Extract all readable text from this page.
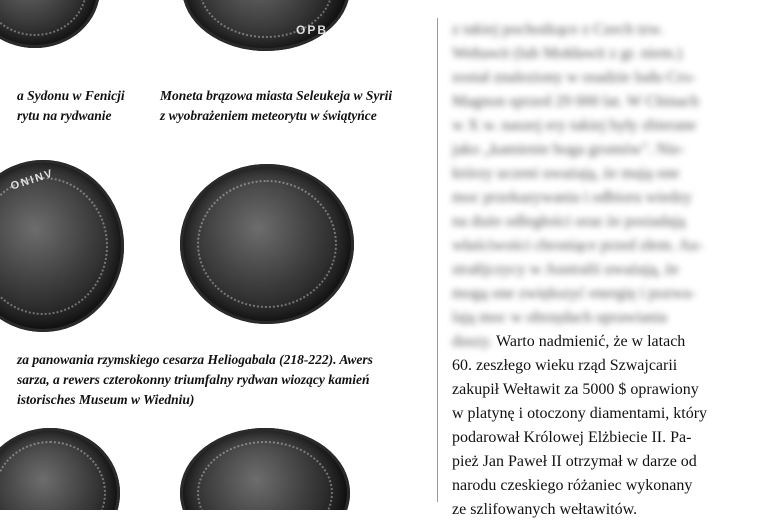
ΟΡΒ
a Sydonu w Fenicji
rytu na rydwanie
Moneta brązowa miasta Seleukeja w Syrii
z wyobrażeniem meteorytu w świątyńce
ONINV
za panowania rzymskiego cesarza Heliogabala (218-222). Awers
sarza, a rewers czterokonny triumfalny rydwan wiozący kamień
istorisches Museum w Wiedniu)
z takiej pochodzące z Czech tzw.
Wełtawit (lub Mołdawit z gr. niem.)
został znaleziony w osadzie ludu Cro-
Magnon sprzed 29 000 lat. W Chinach
w X w. naszej ery takiej były zbierane
jako „kamienie boga gromów". Nie-
którzy uczeni uważają, że mają one
moc przekazywania i odbioru wiedzy
na duże odległości oraz że posiadają
właściwości chroniące przed złem. Au-
strałijczycy w Australii uważają, że
mogą one zwiększyć energię i pozwa-
lają moc w obrzędach uprawiania
duszy. Warto nadmienić, że w latach
60. zeszłego wieku rząd Szwajcarii
zakupił Wełtawit za 5000 $ oprawiony
w platynę i otoczony diamentami, który
podarował Królowej Elżbiecie II. Pa-
pież Jan Paweł II otrzymał w darze od
narodu czeskiego różaniec wykonany
ze szlifowanych wełtawitów.
